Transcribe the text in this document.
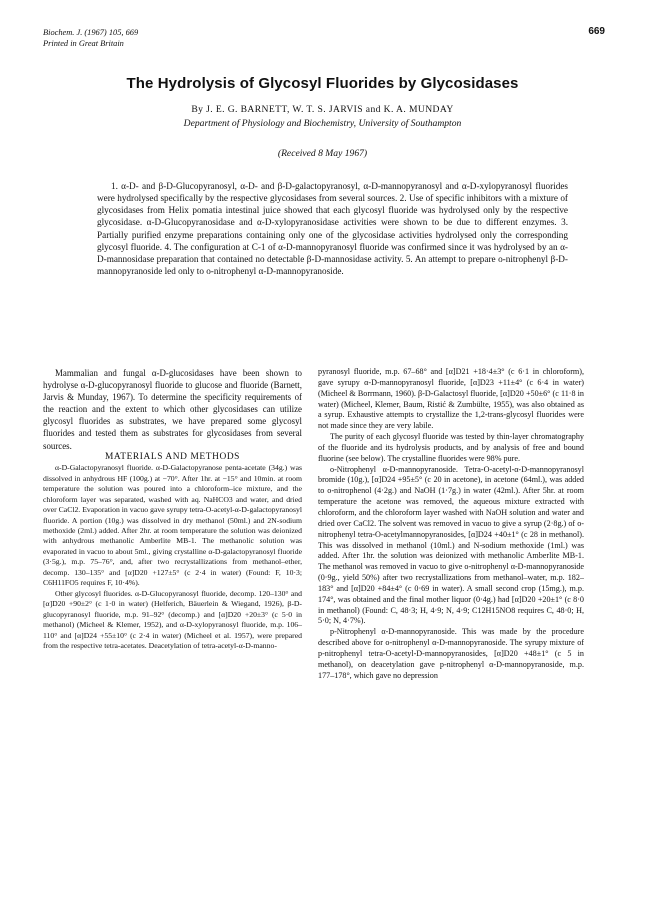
Biochem. J. (1967) 105, 669
Printed in Great Britain
669
The Hydrolysis of Glycosyl Fluorides by Glycosidases
By J. E. G. BARNETT, W. T. S. JARVIS and K. A. MUNDAY
Department of Physiology and Biochemistry, University of Southampton
(Received 8 May 1967)

1. α-D- and β-D-Glucopyranosyl, α-D- and β-D-galactopyranosyl, α-D-mannopyranosyl and α-D-xylopyranosyl fluorides were hydrolysed specifically by the respective glycosidases from several sources. 2. Use of specific inhibitors with a mixture of glycosidases from Helix pomatia intestinal juice showed that each glycosyl fluoride was hydrolysed only by the respective glycosidase. α-D-Glucopyranosidase and α-D-xylopyranosidase activities were shown to be due to different enzymes. 3. Partially purified enzyme preparations containing only one of the glycosidase activities hydrolysed only the corresponding glycosyl fluoride. 4. The configuration at C-1 of α-D-mannopyranosyl fluoride was confirmed since it was hydrolysed by an α-D-mannosidase preparation that contained no detectable β-D-mannosidase activity. 5. An attempt to prepare o-nitrophenyl β-D-mannopyranoside led only to o-nitrophenyl α-D-mannopyranoside.

Mammalian and fungal α-D-glucosidases have been shown to hydrolyse α-D-glucopyranosyl fluoride to glucose and fluoride (Barnett, Jarvis & Munday, 1967). To determine the specificity requirements of the reaction and the extent to which other glycosidases can utilize glycosyl fluorides as substrates, we have prepared some glycosyl fluorides and tested them as substrates for glycosidases from several sources.

MATERIALS AND METHODS

α-D-Galactopyranosyl fluoride. α-D-Galactopyranose penta-acetate (34g.) was dissolved in anhydrous HF (100g.) at −70°. After 1hr. at −15° and 10min. at room temperature the solution was poured into a chloroform–ice mixture, and the chloroform layer was separated, washed with aq. NaHCO3 and water, and dried over CaCl2. Evaporation in vacuo gave syrupy tetra-O-acetyl-α-D-galactopyranosyl fluoride. A portion (10g.) was dissolved in dry methanol (50ml.) and 2N-sodium methoxide (2ml.) added. After 2hr. at room temperature the solution was deionized with anhydrous methanolic Amberlite MB-1. The methanolic solution was evaporated in vacuo to about 5ml., giving crystalline α-D-galactopyranosyl fluoride (3·5g.), m.p. 75–76°, and, after two recrystallizations from methanol–ether, decomp. 130–135° and [α]D20 +127±5° (c 2·4 in water) (Found: F, 10·3; C6H11FO5 requires F, 10·4%).

Other glycosyl fluorides. α-D-Glucopyranosyl fluoride, decomp. 120–130° and [α]D20 +90±2° (c 1·0 in water) (Helferich, Bäuerlein & Wiegand, 1926), β-D-glucopyranosyl fluoride, m.p. 91–92° (decomp.) and [α]D20 +20±3° (c 5·0 in methanol) (Micheel & Klemer, 1952), and α-D-xylopyranosyl fluoride, m.p. 106–110° and [α]D24 +55±10° (c 2·4 in water) (Micheel et al. 1957), were prepared from the respective tetra-acetates. Deacetylation of tetra-acetyl-α-D-manno-

pyranosyl fluoride, m.p. 67–68° and [α]D21 +18·4±3° (c 6·1 in chloroform), gave syrupy α-D-mannopyranosyl fluoride, [α]D23 +11±4° (c 6·4 in water) (Micheel & Borrmann, 1960). β-D-Galactosyl fluoride, [α]D20 +50±6° (c 11·8 in water) (Micheel, Klemer, Baum, Ristić & Zumbülte, 1955), was also obtained as a syrup. Exhaustive attempts to crystallize the 1,2-trans-glycosyl fluorides were not made since they are very labile.

The purity of each glycosyl fluoride was tested by thin-layer chromatography of the fluoride and its hydrolysis products, and by analysis of free and bound fluorine (see below). The crystalline fluorides were 98% pure.

o-Nitrophenyl α-D-mannopyranoside. Tetra-O-acetyl-α-D-mannopyranosyl bromide (10g.), [α]D24 +95±5° (c 20 in acetone), in acetone (64ml.), was added to o-nitrophenol (4·2g.) and NaOH (1·7g.) in water (42ml.). After 5hr. at room temperature the acetone was removed, the aqueous mixture extracted with chloroform, and the chloroform layer washed with NaOH solution and water and dried over CaCl2. The solvent was removed in vacuo to give a syrup (2·8g.) of o-nitrophenyl tetra-O-acetylmannopyranosides, [α]D24 +40±1° (c 28 in methanol). This was dissolved in methanol (10ml.) and N-sodium methoxide (1ml.) was added. After 1hr. the solution was deionized with methanolic Amberlite MB-1. The methanol was removed in vacuo to give o-nitrophenyl α-D-mannopyranoside (0·9g., yield 50%) after two recrystallizations from methanol–water, m.p. 182–183° and [α]D20 +84±4° (c 0·69 in water). A small second crop (15mg.), m.p. 174°, was obtained and the final mother liquor (0·4g.) had [α]D20 +20±1° (c 8·0 in methanol) (Found: C, 48·3; H, 4·9; N, 4·9; C12H15NO8 requires C, 48·0; H, 5·0; N, 4·7%).

p-Nitrophenyl α-D-mannopyranoside. This was made by the procedure described above for o-nitrophenyl α-D-mannopyranoside. The syrupy mixture of p-nitrophenyl tetra-O-acetyl-D-mannopyranosides, [α]D20 +48±1° (c 5 in methanol), on deacetylation gave p-nitrophenyl α-D-mannopyranoside, m.p. 177–178°, which gave no depression
